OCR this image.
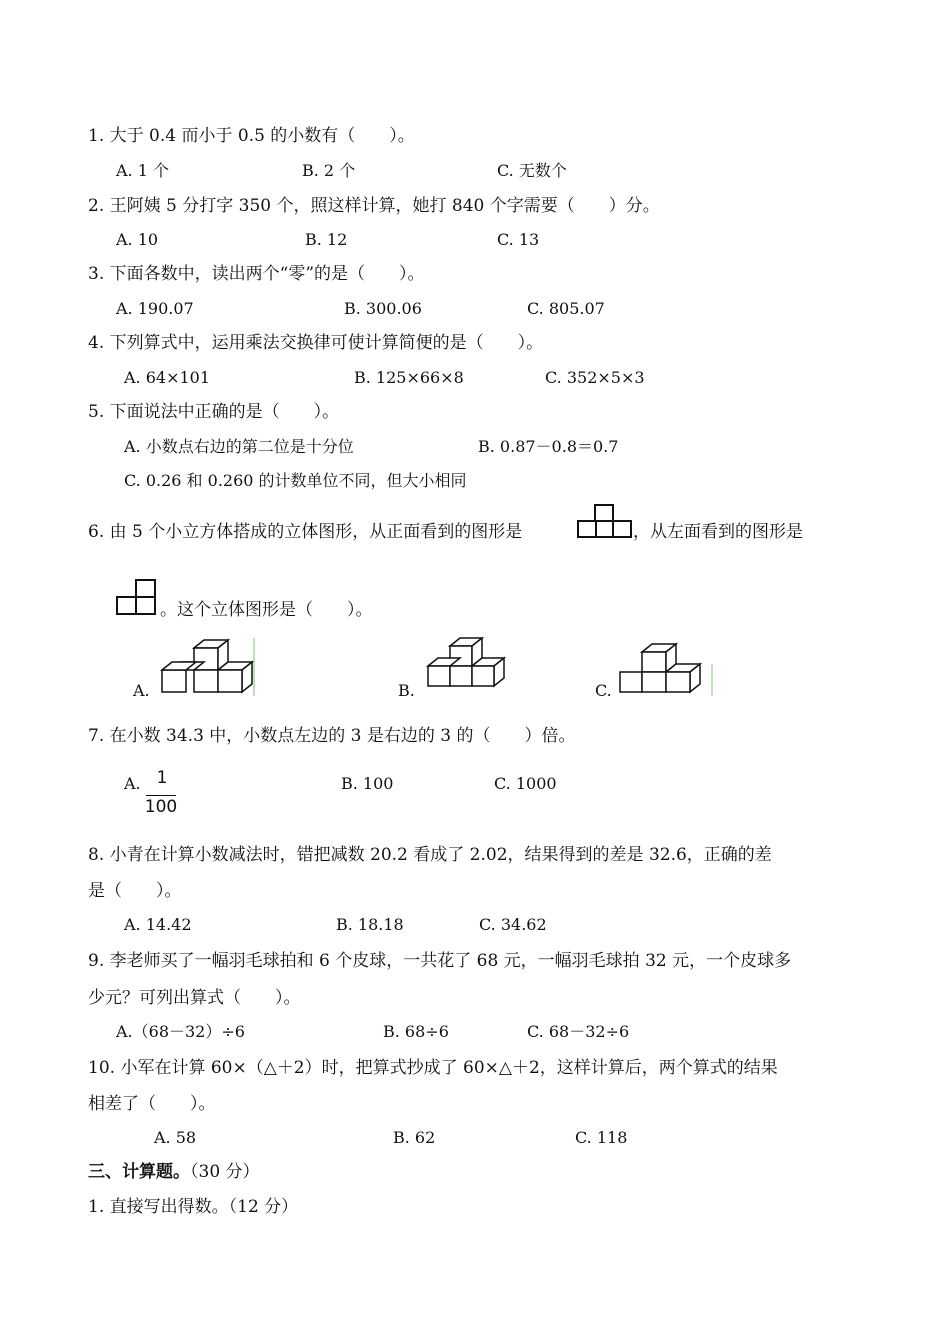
1. 大于 0.4 而小于 0.5 的小数有（　　）。
A. 1 个	B. 2 个	C. 无数个
2. 王阿姨 5 分打字 350 个，照这样计算，她打 840 个字需要（　　）分。
A. 10	B. 12	C. 13
3. 下面各数中，读出两个“零”的是（　　）。
A. 190.07	B. 300.06	C. 805.07
4. 下列算式中，运用乘法交换律可使计算简便的是（　　）。
A. 64×101	B. 125×66×8	C. 352×5×3
5. 下面说法中正确的是（　　）。
A. 小数点右边的第二位是十分位	B. 0.87－0.8＝0.7
C. 0.26 和 0.260 的计数单位不同，但大小相同
6. 由 5 个小立方体搭成的立体图形，从正面看到的图形是	，从左面看到的图形是
。这个立体图形是（　　）。
A.	B.	C.
7. 在小数 34.3 中，小数点左边的 3 是右边的 3 的（　　）倍。
A. 1
100
B. 100	C. 1000
8. 小青在计算小数减法时，错把减数 20.2 看成了 2.02，结果得到的差是 32.6，正确的差
是（　　）。
A. 14.42	B. 18.18	C. 34.62
9. 李老师买了一幅羽毛球拍和 6 个皮球，一共花了 68 元，一幅羽毛球拍 32 元，一个皮球多
少元？可列出算式（　　）。
A.（68－32）÷6	B. 68÷6	C. 68－32÷6
10. 小军在计算 60×（△＋2）时，把算式抄成了 60×△＋2，这样计算后，两个算式的结果
相差了（　　）。
A. 58	B. 62	C. 118
三、计算题。（30 分）
1. 直接写出得数。（12 分）
